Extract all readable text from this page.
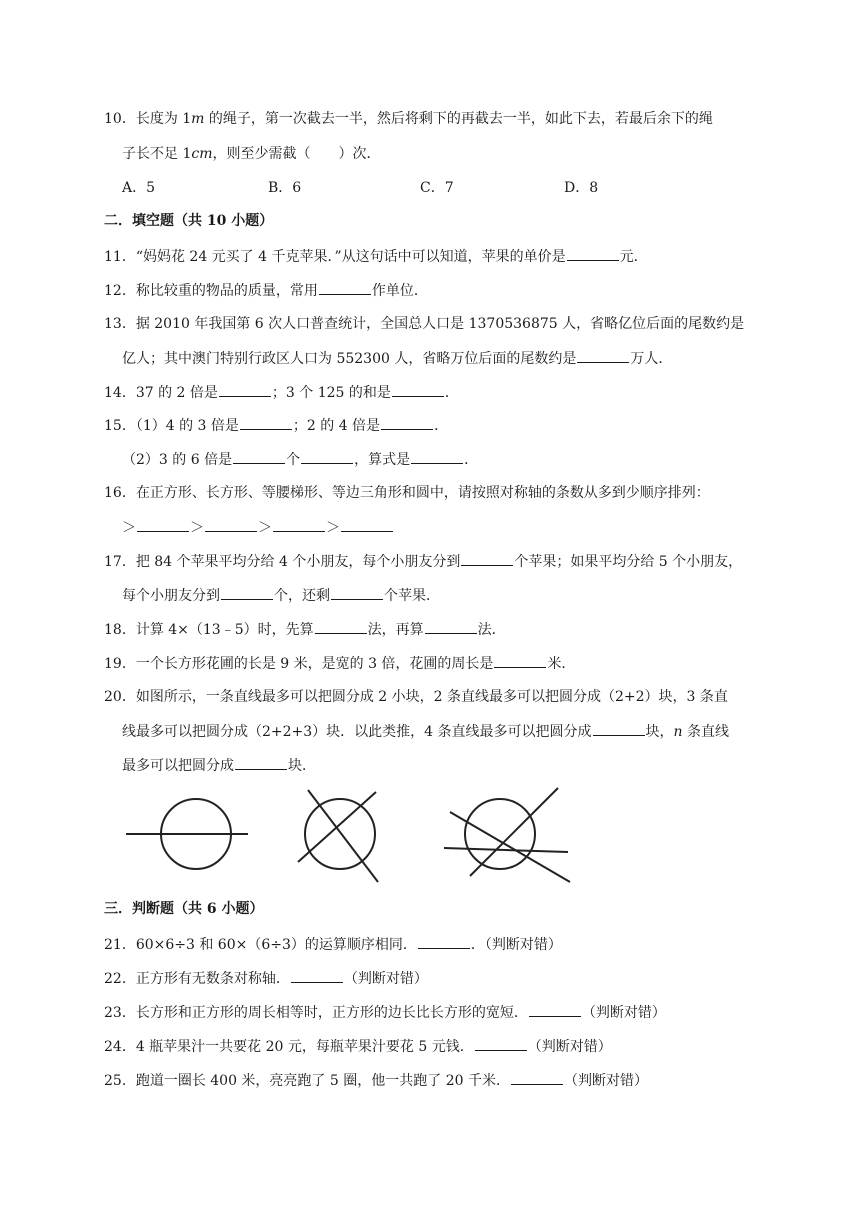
10．长度为 1m 的绳子，第一次截去一半，然后将剩下的再截去一半，如此下去，若最后余下的绳
子长不足 1cm，则至少需截（　　）次．
A．5	B．6	C．7	D．8
二．填空题（共 10 小题）
11．“妈妈花 24 元买了 4 千克苹果．”从这句话中可以知道，苹果的单价是	元．
12．称比较重的物品的质量，常用	作单位．
13．据 2010 年我国第 6 次人口普查统计，全国总人口是 1370536875 人，省略亿位后面的尾数约是
亿人；其中澳门特别行政区人口为 552300 人，省略万位后面的尾数约是	万人．
14．37 的 2 倍是	；3 个 125 的和是	．
15．（1）4 的 3 倍是	；2 的 4 倍是	．
（2）3 的 6 倍是	个	，算式是	．
16．在正方形、长方形、等腰梯形、等边三角形和圆中，请按照对称轴的条数从多到少顺序排列：
＞	＞	＞	＞
17．把 84 个苹果平均分给 4 个小朋友，每个小朋友分到	个苹果；如果平均分给 5 个小朋友，
每个小朋友分到	个，还剩	个苹果．
18．计算 4×（13﹣5）时，先算	法，再算	法．
19．一个长方形花圃的长是 9 米，是宽的 3 倍，花圃的周长是	米．
20．如图所示，一条直线最多可以把圆分成 2 小块，2 条直线最多可以把圆分成（2+2）块，3 条直
线最多可以把圆分成（2+2+3）块．以此类推，4 条直线最多可以把圆分成	块，n 条直线
最多可以把圆分成	块．
三．判断题（共 6 小题）
21．60×6÷3 和 60×（6÷3）的运算顺序相同．	．（判断对错）
22．正方形有无数条对称轴．	（判断对错）
23．长方形和正方形的周长相等时，正方形的边长比长方形的宽短．	（判断对错）
24．4 瓶苹果汁一共要花 20 元，每瓶苹果汁要花 5 元钱．	（判断对错）
25．跑道一圈长 400 米，亮亮跑了 5 圈，他一共跑了 20 千米．	（判断对错）
